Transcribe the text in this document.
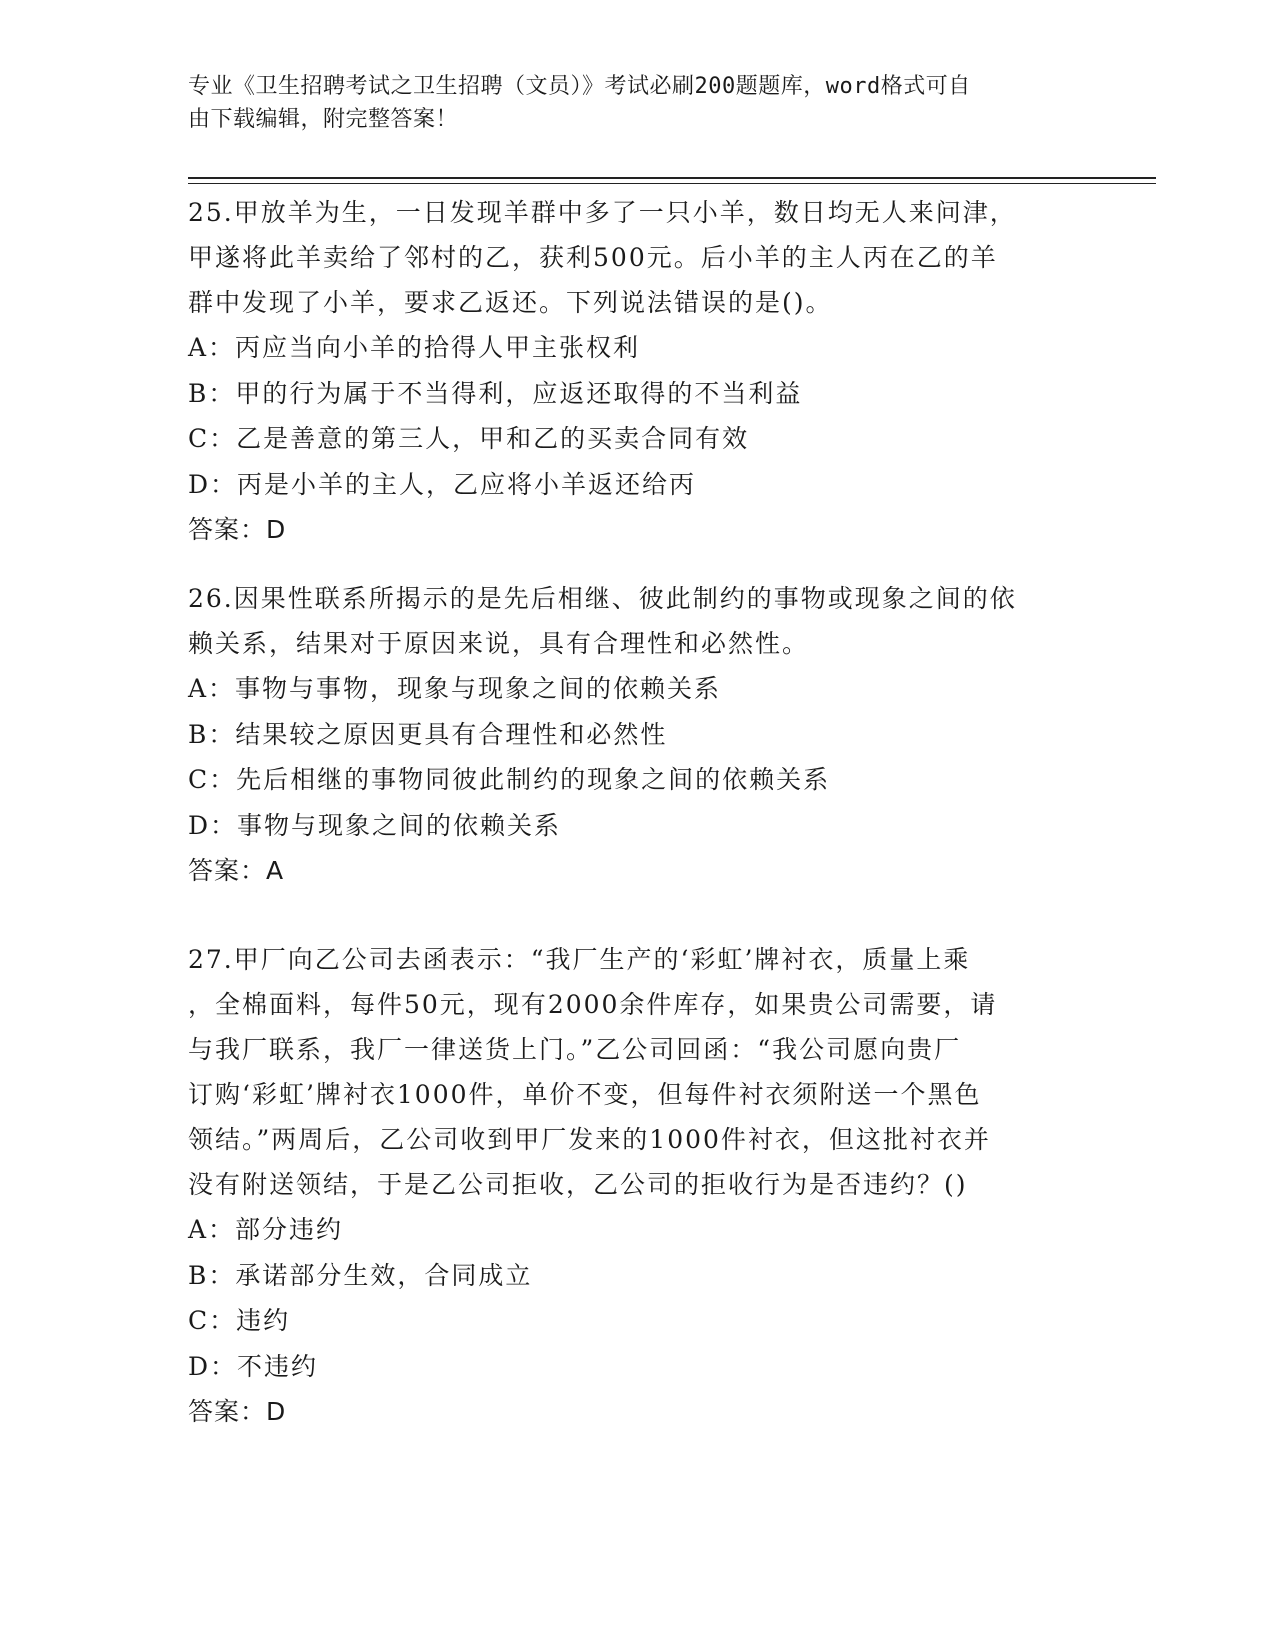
专业《卫生招聘考试之卫生招聘（文员）》考试必刷200题题库，word格式可自
由下载编辑，附完整答案！

25.甲放羊为生，一日发现羊群中多了一只小羊，数日均无人来问津，

甲遂将此羊卖给了邻村的乙，获利500元。后小羊的主人丙在乙的羊

群中发现了小羊，要求乙返还。下列说法错误的是()。

A：丙应当向小羊的拾得人甲主张权利

B：甲的行为属于不当得利，应返还取得的不当利益

C：乙是善意的第三人，甲和乙的买卖合同有效

D：丙是小羊的主人，乙应将小羊返还给丙

答案：D

26.因果性联系所揭示的是先后相继、彼此制约的事物或现象之间的依

赖关系，结果对于原因来说，具有合理性和必然性。

A：事物与事物，现象与现象之间的依赖关系

B：结果较之原因更具有合理性和必然性

C：先后相继的事物同彼此制约的现象之间的依赖关系

D：事物与现象之间的依赖关系

答案：A

27.甲厂向乙公司去函表示：“我厂生产的‘彩虹’牌衬衣，质量上乘

，全棉面料，每件50元，现有2000余件库存，如果贵公司需要，请

与我厂联系，我厂一律送货上门。”乙公司回函：“我公司愿向贵厂

订购‘彩虹’牌衬衣1000件，单价不变，但每件衬衣须附送一个黑色

领结。”两周后，乙公司收到甲厂发来的1000件衬衣，但这批衬衣并

没有附送领结，于是乙公司拒收，乙公司的拒收行为是否违约？()

A：部分违约

B：承诺部分生效，合同成立

C：违约

D：不违约

答案：D
